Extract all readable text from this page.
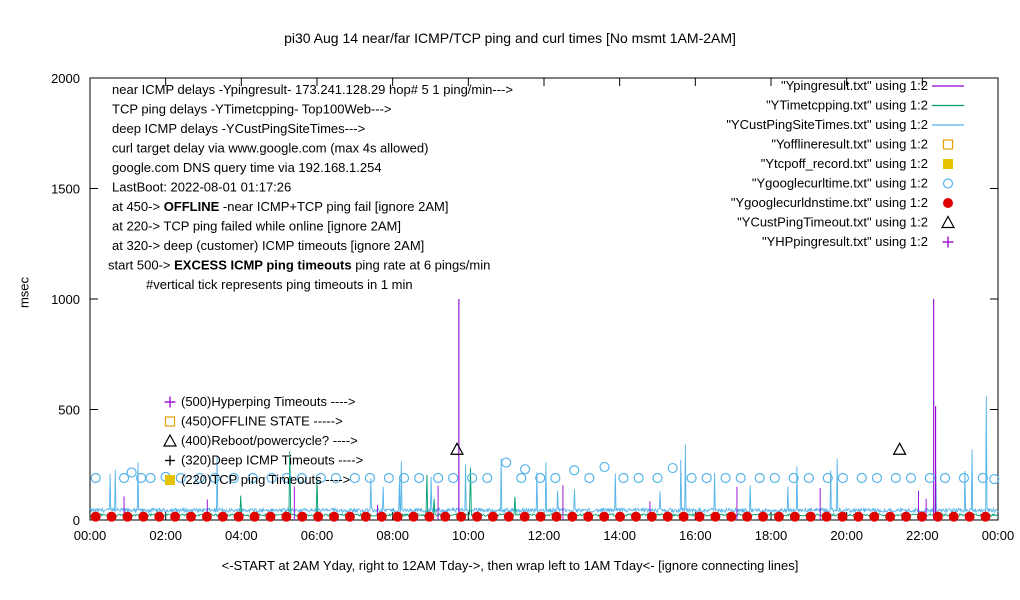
pi30 Aug 14 near/far ICMP/TCP ping and curl times [No msmt 1AM-2AM]
msec
<-START at 2AM Yday, right to 12AM Tday->, then wrap left to 1AM Tday<- [ignore connecting lines]
0
500
1000
1500
2000
00:00	02:00	04:00	06:00	08:00	10:00	12:00	14:00	16:00	18:00	20:00	22:00	00:00
near ICMP delays -Ypingresult- 173.241.128.29 hop# 5 1 ping/min--->
TCP ping delays -YTimetcpping- Top100Web--->
deep ICMP delays -YCustPingSiteTimes--->
curl target delay via www.google.com (max 4s allowed)
google.com DNS query time via 192.168.1.254
LastBoot: 2022-08-01 01:17:26
at 450-> OFFLINE -near ICMP+TCP ping fail [ignore 2AM]
at 220-> TCP ping failed while online [ignore 2AM]
at 320-> deep (customer) ICMP timeouts [ignore 2AM]
start 500-> EXCESS ICMP ping timeouts ping rate at 6 pings/min
#vertical tick represents ping timeouts in 1 min
(500)Hyperping Timeouts ---->
(450)OFFLINE STATE ----->
(400)Reboot/powercycle? ---->
(320)Deep ICMP Timeouts ---->
(220)TCP ping Timeouts ---->
"Ypingresult.txt" using 1:2
"YTimetcpping.txt" using 1:2
"YCustPingSiteTimes.txt" using 1:2
"Yofflineresult.txt" using 1:2
"Ytcpoff_record.txt" using 1:2
"Ygooglecurltime.txt" using 1:2
"Ygooglecurldnstime.txt" using 1:2
"YCustPingTimeout.txt" using 1:2
"YHPpingresult.txt" using 1:2
